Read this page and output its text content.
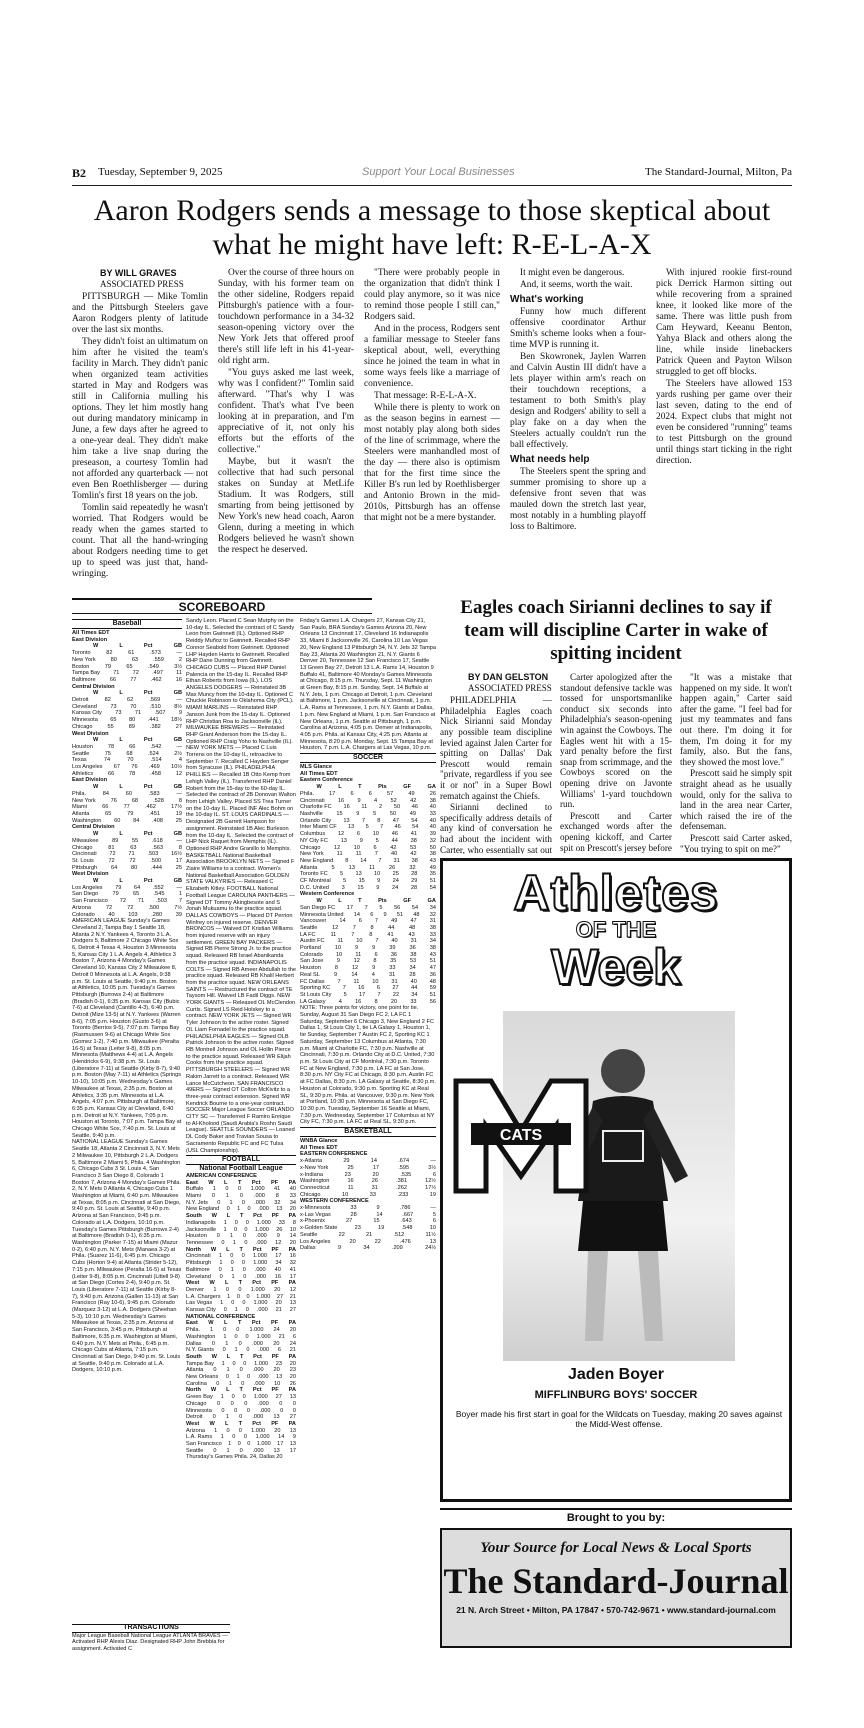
B2 Tuesday, September 9, 2025	Support Your Local Businesses	The Standard-Journal, Milton, Pa
Aaron Rodgers sends a message to those skeptical about what he might have left: R-E-L-A-X
BY WILL GRAVES
ASSOCIATED PRESS

PITTSBURGH — Mike Tomlin and the Pittsburgh Steelers gave Aaron Rodgers plenty of latitude over the last six months.

They didn't foist an ultimatum on him after he visited the team's facility in March. They didn't panic when organized team activities started in May and Rodgers was still in California mulling his options. They let him mostly hang out during mandatory minicamp in June, a few days after he agreed to a one-year deal. They didn't make him take a live snap during the preseason, a courtesy Tomlin had not afforded any quarterback — not even Ben Roethlisberger — during Tomlin's first 18 years on the job.

Tomlin said repeatedly he wasn't worried. That Rodgers would be ready when the games started to count. That all the hand-wringing about Rodgers needing time to get up to speed was just that, hand-wringing.

Over the course of three hours on Sunday, with his former team on the other sideline, Rodgers repaid Pittsburgh's patience with a four-touchdown performance in a 34-32 season-opening victory over the New York Jets that offered proof there's still life left in his 41-year-old right arm.

"You guys asked me last week, why was I confident?" Tomlin said afterward. "That's why I was confident. That's what I've been looking at in preparation, and I'm appreciative of it, not only his efforts but the efforts of the collective."

Maybe, but it wasn't the collective that had such personal stakes on Sunday at MetLife Stadium. It was Rodgers, still smarting from being jettisoned by New York's new head coach, Aaron Glenn, during a meeting in which Rodgers believed he wasn't shown the respect he deserved.

"There were probably people in the organization that didn't think I could play anymore, so it was nice to remind those people I still can," Rodgers said.

And in the process, Rodgers sent a familiar message to Steeler fans skeptical about, well, everything since he joined the team in what in some ways feels like a marriage of convenience.

That message: R-E-L-A-X.

While there is plenty to work on as the season begins in earnest — most notably play along both sides of the line of scrimmage, where the Steelers were manhandled most of the day — there also is optimism that for the first time since the Killer B's run led by Roethlisberger and Antonio Brown in the mid-2010s, Pittsburgh has an offense that might not be a mere bystander.

It might even be dangerous.

And, it seems, worth the wait.

What's working

Funny how much different offensive coordinator Arthur Smith's scheme looks when a four-time MVP is running it.

Ben Skowronek, Jaylen Warren and Calvin Austin III didn't have a lets player within arm's reach on their touchdown receptions, a testament to both Smith's play design and Rodgers' ability to sell a play fake on a day when the Steelers actually couldn't run the ball effectively.

What needs help

The Steelers spent the spring and summer promising to shore up a defensive front seven that was mauled down the stretch last year, most notably in a humbling playoff loss to Baltimore.

With injured rookie first-round pick Derrick Harmon sitting out while recovering from a sprained knee, it looked like more of the same. There was little push from Cam Heyward, Keeanu Benton, Yahya Black and others along the line, while inside linebackers Patrick Queen and Payton Wilson struggled to get off blocks.

The Steelers have allowed 153 yards rushing per game over their last seven, dating to the end of 2024. Expect clubs that might not even be considered "running" teams to test Pittsburgh on the ground until things start ticking in the right direction.

SCOREBOARD
Baseball
All Times EDT
East Division
W	L	Pct	GB
Toronto	82	61	.573	—
New York	80	63	.559	2
Boston	79	65	.549	3½
Tampa Bay 71 72 .497 11
Baltimore	66	77	.462	16
Central Division
W	L	Pct	GB
Detroit	82	62	.569	—
Cleveland 73 70 .510 8½
Kansas City 73 71 .507 9
Minnesota 65 80 .441 18½
Chicago	55	89	.382	27
West Division
W	L	Pct	GB
Houston	78	66	.542	—
Seattle	75	68	.524	2½
Texas	74	70	.514	4
Los Angeles 67 76 .469 10½
Athletics	66	78	.458	12
East Division
W	L	Pct	GB
Phila.	84	60	.583	—
New York	76	68	.528	8
Miami	66	77	.462	17½
Atlanta	65	79	.451	19
Washington 60 84 .408 25
Central Division
W	L	Pct	GB
Milwaukee 89 55 .618 —
Chicago	81	63	.563	8
Cincinnati 72 71 .503 16½
St. Louis	72	72	.500	17
Pittsburgh 64 80 .444 25
West Division
W	L	Pct	GB
Los Angeles 79 64 .552 —
San Diego	79	65	.545	1
San Francisco 72 71 .503 7
Arizona	72	72	.500	7½
Colorado 40 103 .280 39
AMERICAN LEAGUE Sunday's Games Cleveland 2, Tampa Bay 1 Seattle 18, Atlanta 2 N.Y. Yankees 4, Toronto 3 L.A. Dodgers 5, Baltimore 2 Chicago White Sox 6, Detroit 4 Texas 4, Houston 3 Minnesota 5, Kansas City 1 L.A. Angels 4, Athletics 3 Boston 7, Arizona 4 Monday's Games Cleveland 10, Kansas City 2 Milwaukee 8, Detroit 0 Minnesota at L.A. Angels, 9:38 p.m. St. Louis at Seattle, 9:40 p.m. Boston at Athletics, 10:05 p.m. Tuesday's Games Pittsburgh (Burrows 2-4) at Baltimore (Bradish 0-1), 6:35 p.m. Kansas City (Bubic 7-6) at Cleveland (Cantillo 4-3), 6:40 p.m. Detroit (Mize 13-5) at N.Y. Yankees (Warren 8-6), 7:05 p.m. Houston (Gusto 3-6) at Toronto (Berrios 9-5), 7:07 p.m. Tampa Bay (Rasmussen 9-6) at Chicago White Sox (Gomez 1-2), 7:40 p.m. Milwaukee (Peralta 16-5) at Texas (Leiter 9-8), 8:05 p.m. Minnesota (Matthews 4-4) at L.A. Angels (Hendricks 6-9), 9:38 p.m. St. Louis (Liberatore 7-11) at Seattle (Kirby 8-7), 9:40 p.m. Boston (May 7-11) at Athletics (Springs 10-10), 10:05 p.m. Wednesday's Games Milwaukee at Texas, 2:35 p.m. Boston at Athletics, 3:35 p.m. Minnesota at L.A. Angels, 4:07 p.m. Pittsburgh at Baltimore, 6:35 p.m. Kansas City at Cleveland, 6:40 p.m. Detroit at N.Y. Yankees, 7:05 p.m. Houston at Toronto, 7:07 p.m. Tampa Bay at Chicago White Sox, 7:40 p.m. St. Louis at Seattle, 9:40 p.m.
NATIONAL LEAGUE Sunday's Games Seattle 18, Atlanta 2 Cincinnati 3, N.Y. Mets 2 Milwaukee 10, Pittsburgh 2 L.A. Dodgers 5, Baltimore 2 Miami 5, Phila. 4 Washington 6, Chicago Cubs 3 St. Louis 4, San Francisco 3 San Diego 8, Colorado 1 Boston 7, Arizona 4 Monday's Games Phila. 2, N.Y. Mets 0 Atlanta 4, Chicago Cubs 1 Washington at Miami, 6:40 p.m. Milwaukee at Texas, 8:05 p.m. Cincinnati at San Diego, 9:40 p.m. St. Louis at Seattle, 9:40 p.m. Arizona at San Francisco, 9:45 p.m. Colorado at L.A. Dodgers, 10:10 p.m.
Tuesday's Games Pittsburgh (Burrows 2-4) at Baltimore (Bradish 0-1), 6:35 p.m. Washington (Parker 7-15) at Miami (Mazur 0-2), 6:40 p.m. N.Y. Mets (Manaea 3-2) at Phila. (Suarez 11-6), 6:45 p.m. Chicago Cubs (Horton 9-4) at Atlanta (Strider 5-12), 7:15 p.m. Milwaukee (Peralta 16-5) at Texas (Leiter 9-8), 8:05 p.m. Cincinnati (Littell 9-8) at San Diego (Cortes 2-4), 9:40 p.m. St. Louis (Liberatore 7-11) at Seattle (Kirby 8-7), 9:40 p.m. Arizona (Gallen 11-13) at San Francisco (Ray 10-6), 9:45 p.m. Colorado (Marquez 3-12) at L.A. Dodgers (Sheehan 5-3), 10:10 p.m. Wednesday's Games Milwaukee at Texas, 2:35 p.m. Arizona at San Francisco, 3:45 p.m. Pittsburgh at Baltimore, 6:35 p.m. Washington at Miami, 6:40 p.m. N.Y. Mets at Phila., 6:45 p.m. Chicago Cubs at Atlanta, 7:15 p.m. Cincinnati at San Diego, 9:40 p.m. St. Louis at Seattle, 9:40 p.m. Colorado at L.A. Dodgers, 10:10 p.m.
Sandy Leon. Placed C Sean Murphy on the 10-day IL. Selected the contract of C Sandy Leon from Gwinnett (IL). Optioned RHP Reiddy Muñoz to Gwinnett. Recalled RHP Connor Seabold from Gwinnett. Optioned LHP Hayden Harris to Gwinnett. Recalled RHP Dane Dunning from Gwinnett. CHICAGO CUBS — Placed RHP Daniel Palencia on the 15-day IL. Recalled RHP Ethan Roberts from Iowa (IL). LOS ANGELES DODGERS — Reinstated 3B Max Muncy from the 10-day IL. Optioned C Chuckie Robinson to Oklahoma City (PCL). MIAMI MARLINS — Reinstated RHP Janson Junk from the 15-day IL. Optioned RHP Christian Roa to Jacksonville (IL). MILWAUKEE BREWERS — Reinstated RHP Grant Anderson from the 15-day IL. Optioned RHP Craig Yoho to Nashville (IL). NEW YORK METS — Placed C Luis Torrens on the 10-day IL, retroactive to September 7. Recalled C Hayden Senger from Syracuse (IL). PHILADELPHIA PHILLIES — Recalled 1B Otto Kemp from Lehigh Valley (IL). Transferred RHP Daniel Robert from the 15-day to the 60-day IL. Selected the contract of 2B Donovan Walton from Lehigh Valley. Placed SS Trea Turner on the 10-day IL. Placed INF Alec Bohm on the 10-day IL. ST. LOUIS CARDINALS — Designated 2B Garrett Hampson for assignment. Reinstated 1B Alec Burleson from the 10-day IL. Selected the contract of LHP Nick Raquet from Memphis (IL). Optioned RHP Andre Granillo to Memphis. BASKETBALL National Basketball Association BROOKLYN NETS — Signed F Ziaire Williams to a contract. Women's National Basketball Association GOLDEN STATE VALKYRIES — Released C Elizabeth Kitley. FOOTBALL National Football League CAROLINA PANTHERS — Signed DT Tommy Akingbesote and S Jonah Mukuamu to the practice squad. DALLAS COWBOYS — Placed DT Perrion Winfrey on injured reserve. DENVER BRONCOS — Waived DT Kristian Williams from injured reserve with an injury settlement. GREEN BAY PACKERS — Signed RB Pierre Strong Jr. to the practice squad. Released RB Israel Abanikanda from the practice squad. INDIANAPOLIS COLTS — Signed RB Ameer Abdullah to the practice squad. Released RB Khalil Herbert from the practice squad. NEW ORLEANS SAINTS — Restructured the contract of TE Taysom Hill. Waived LB Fadil Diggs. NEW YORK GIANTS — Released OL McClendon Curtis. Signed LS Reid Holskey to a contract. NEW YORK JETS — Signed WR Tyler Johnson to the active roster. Signed OL Liam Fornadel to the practice squad. PHILADELPHIA EAGLES — Signed OLB Patrick Johnson to the active roster. Signed RB Montrell Johnson and OL Hollin Pierce to the practice squad. Released WR Elijah Cooks from the practice squad. PITTSBURGH STEELERS — Signed WR Rakim Jarrett to a contract. Released WR Lance McCutcheon. SAN FRANCISCO 49ERS — Signed OT Colton McKivitz to a three-year contract extension. Signed WR Kendrick Bourne to a one-year contract. SOCCER Major League Soccer ORLANDO CITY SC — Transferred F Ramiro Enrique to Al-Kholood (Saudi Arabia's Roshn Saudi League). SEATTLE SOUNDERS — Loaned DL Cody Baker and Travian Sousa to Sacramento Republic FC and FC Tulsa (USL Championship).
FOOTBALL
National Football League
AMERICAN CONFERENCE
East W L T Pct PF PA
Buffalo 1 0 0 1.000 41 40
Miami 0 1 0 .000 8 33
N.Y. Jets 0 1 0 .000 32 34
New England 0 1 0 .000 13 20
South W L T Pct PF PA
Indianapolis 1 0 0 1.000 33 8
Jacksonville 1 0 0 1.000 26 10
Houston 0 1 0 .000 9 14
Tennessee 0 1 0 .000 12 20
North W L T Pct PF PA
Cincinnati 1 0 0 1.000 17 16
Pittsburgh 1 0 0 1.000 34 32
Baltimore 0 1 0 .000 40 41
Cleveland 0 1 0 .000 16 17
West W L T Pct PF PA
Denver 1 0 0 1.000 20 12
L.A. Chargers 1 0 0 1.000 27 21
Las Vegas 1 0 0 1.000 20 13
Kansas City 0 1 0 .000 21 27
NATIONAL CONFERENCE
East W L T Pct PF PA
Phila. 1 0 0 1.000 24 20
Washington 1 0 0 1.000 21 6
Dallas 0 1 0 .000 20 24
N.Y. Giants 0 1 0 .000 6 21
South W L T Pct PF PA
Tampa Bay 1 0 0 1.000 23 20
Atlanta 0 1 0 .000 20 23
New Orleans 0 1 0 .000 13 20
Carolina 0 1 0 .000 10 26
North W L T Pct PF PA
Green Bay 1 0 0 1.000 27 13
Chicago 0 0 0 .000 0 0
Minnesota 0 0 0 .000 0 0
Detroit 0 1 0 .000 13 27
West W L T Pct PF PA
Arizona 1 0 0 1.000 20 13
L.A. Rams 1 0 0 1.000 14 9
San Francisco 1 0 0 1.000 17 13
Seattle 0 1 0 .000 13 17
Thursday's Games Phila. 24, Dallas 20
Friday's Games L.A. Chargers 27, Kansas City 21, Sao Paulo, BRA Sunday's Games Arizona 20, New Orleans 13 Cincinnati 17, Cleveland 16 Indianapolis 33, Miami 8 Jacksonville 26, Carolina 10 Las Vegas 20, New England 13 Pittsburgh 34, N.Y. Jets 32 Tampa Bay 23, Atlanta 20 Washington 21, N.Y. Giants 6 Denver 20, Tennessee 12 San Francisco 17, Seattle 13 Green Bay 27, Detroit 13 L.A. Rams 14, Houston 9 Buffalo 41, Baltimore 40 Monday's Games Minnesota at Chicago, 8:15 p.m. Thursday, Sept. 11 Washington at Green Bay, 8:15 p.m. Sunday, Sept. 14 Buffalo at N.Y. Jets, 1 p.m. Chicago at Detroit, 1 p.m. Cleveland at Baltimore, 1 p.m. Jacksonville at Cincinnati, 1 p.m. L.A. Rams at Tennessee, 1 p.m. N.Y. Giants at Dallas, 1 p.m. New England at Miami, 1 p.m. San Francisco at New Orleans, 1 p.m. Seattle at Pittsburgh, 1 p.m. Carolina at Arizona, 4:05 p.m. Denver at Indianapolis, 4:05 p.m. Phila. at Kansas City, 4:25 p.m. Atlanta at Minnesota, 8:20 p.m. Monday, Sept. 15 Tampa Bay at Houston, 7 p.m. L.A. Chargers at Las Vegas, 10 p.m.
SOCCER
MLS Glance
All Times EDT
Eastern Conference
W	L	T	Pts	GF	GA
Phila.	17	6	6	57	49	26
Cincinnati 16 9 4 52 42 38
Charlotte FC 16 11 2 50 46 40
Nashville 15 9 5 50 49 33
Orlando City 13 7 8 47 54 40
Inter Miami CF 13 5 7 46 54 40
Columbus 12 6 10 46 41 39
NY City FC 13 9 5 44 38 32
Chicago 12 10 6 42 53 50
New York 11 11 7 40 42 38
New England 8 14 7 31 38 43
Atlanta	5	13	11	26	32	49
Toronto FC 5 13 10 25 28 35
CF Montréal 5 15 9 24 29 51
D.C. United 3 15 9 24 28 54
Western Conference
W	L	T	Pts	GF	GA
San Diego FC 17 7 5 56 54 34
Minnesota United 14 6 9 51 48 32
Vancouver 14 6 7 49 47 31
Seattle	12	7	8	44	48	38
LA FC	11	7	8	41	43	33
Austin FC 11 10 7 40 31 34
Portland 10 9 9 39 36 38
Colorado 10 11 6 36 38 43
San Jose 9 12 8 35 53 51
Houston 8 12 9 33 34 47
Real SL	9	14	4	31	28	36
FC Dallas 7 11 10 31 40 48
Sporting KC 7 16 6 27 44 59
St Louis City 5 17 7 22 34 51
LA Galaxy 4 16 8 20 33 56
NOTE: Three points for victory, one point for tie.
Sunday, August 31 San Diego FC 2, LA FC 1 Saturday, September 6 Chicago 3, New England 2 FC Dallas 1, St Louis City 1, tie LA Galaxy 1, Houston 1, tie Sunday, September 7 Austin FC 2, Sporting KC 1 Saturday, September 13 Columbus at Atlanta, 7:30 p.m. Miami at Charlotte FC, 7:30 p.m. Nashville at Cincinnati, 7:30 p.m. Orlando City at D.C. United, 7:30 p.m. St Louis City at CF Montréal, 7:30 p.m. Toronto FC at New England, 7:30 p.m. LA FC at San Jose, 8:30 p.m. NY City FC at Chicago, 8:30 p.m. Austin FC at FC Dallas, 8:30 p.m. LA Galaxy at Seattle, 8:30 p.m. Houston at Colorado, 9:30 p.m. Sporting KC at Real SL, 9:30 p.m. Phila. at Vancouver, 9:30 p.m. New York at Portland, 10:30 p.m. Minnesota at San Diego FC, 10:30 p.m. Tuesday, September 16 Seattle at Miami, 7:30 p.m. Wednesday, September 17 Columbus at NY City FC, 7:30 p.m. LA FC at Real SL, 9:30 p.m.
BASKETBALL
WNBA Glance
All Times EDT
EASTERN CONFERENCE
x-Atlanta	29	14	.674	—
x-New York	25	17	.595	3½
x-Indiana	23	20	.535	6
Washington	16	26	.381	12½
Connecticut	11	31	.262	17½
Chicago	10	33	.233	19
WESTERN CONFERENCE
x-Minnesota	33	9	.786	—
x-Las Vegas	28	14	.667	5
x-Phoenix	27	15	.643	6
x-Golden State	23	19	.548	10
Seattle	22	21	.512	11½
Los Angeles	20	22	.476	13
Dallas	9	34	.209	24½
TRANSACTIONS
Major League Baseball National League ATLANTA BRAVES — Activated RHP Alexis Diaz. Designated RHP John Brebbia for assignment. Activated C
Eagles coach Sirianni declines to say if team will discipline Carter in wake of spitting incident
BY DAN GELSTON
ASSOCIATED PRESS

PHILADELPHIA — Philadelphia Eagles coach Nick Sirianni said Monday any possible team discipline levied against Jalen Carter for spitting on Dallas' Dak Prescott would remain "private, regardless if you see it or not" in a Super Bowl rematch against the Chiefs.

Sirianni declined to specifically address details of any kind of conversation he had about the incident with Carter, who essentially sat out

Carter apologized after the standout defensive tackle was tossed for unsportsmanlike conduct six seconds into Philadelphia's season-opening win against the Cowboys. The Eagles went hit with a 15-yard penalty before the first snap from scrimmage, and the Cowboys scored on the opening drive on Javonte Williams' 1-yard touchdown run.

Prescott and Carter exchanged words after the opening kickoff, and Carter spit on Prescott's jersey before

"It was a mistake that happened on my side. It won't happen again," Carter said after the game. "I feel bad for just my teammates and fans out there. I'm doing it for them, I'm doing it for my family, also. But the fans, they showed the most love."

Prescott said he simply spit straight ahead as he usually would, only for the saliva to land in the area near Carter, which raised the ire of the defenseman.

Prescott said Carter asked, "You trying to spit on me?"

Athletes
OF THE
Week
CATS
Jaden Boyer
MIFFLINBURG BOYS' SOCCER
Boyer made his first start in goal for the Wildcats on Tuesday, making 20 saves against the Midd-West offense.
Brought to you by:
Your Source for Local News & Local Sports
The Standard-Journal
21 N. Arch Street • Milton, PA 17847 • 570-742-9671 • www.standard-journal.com
